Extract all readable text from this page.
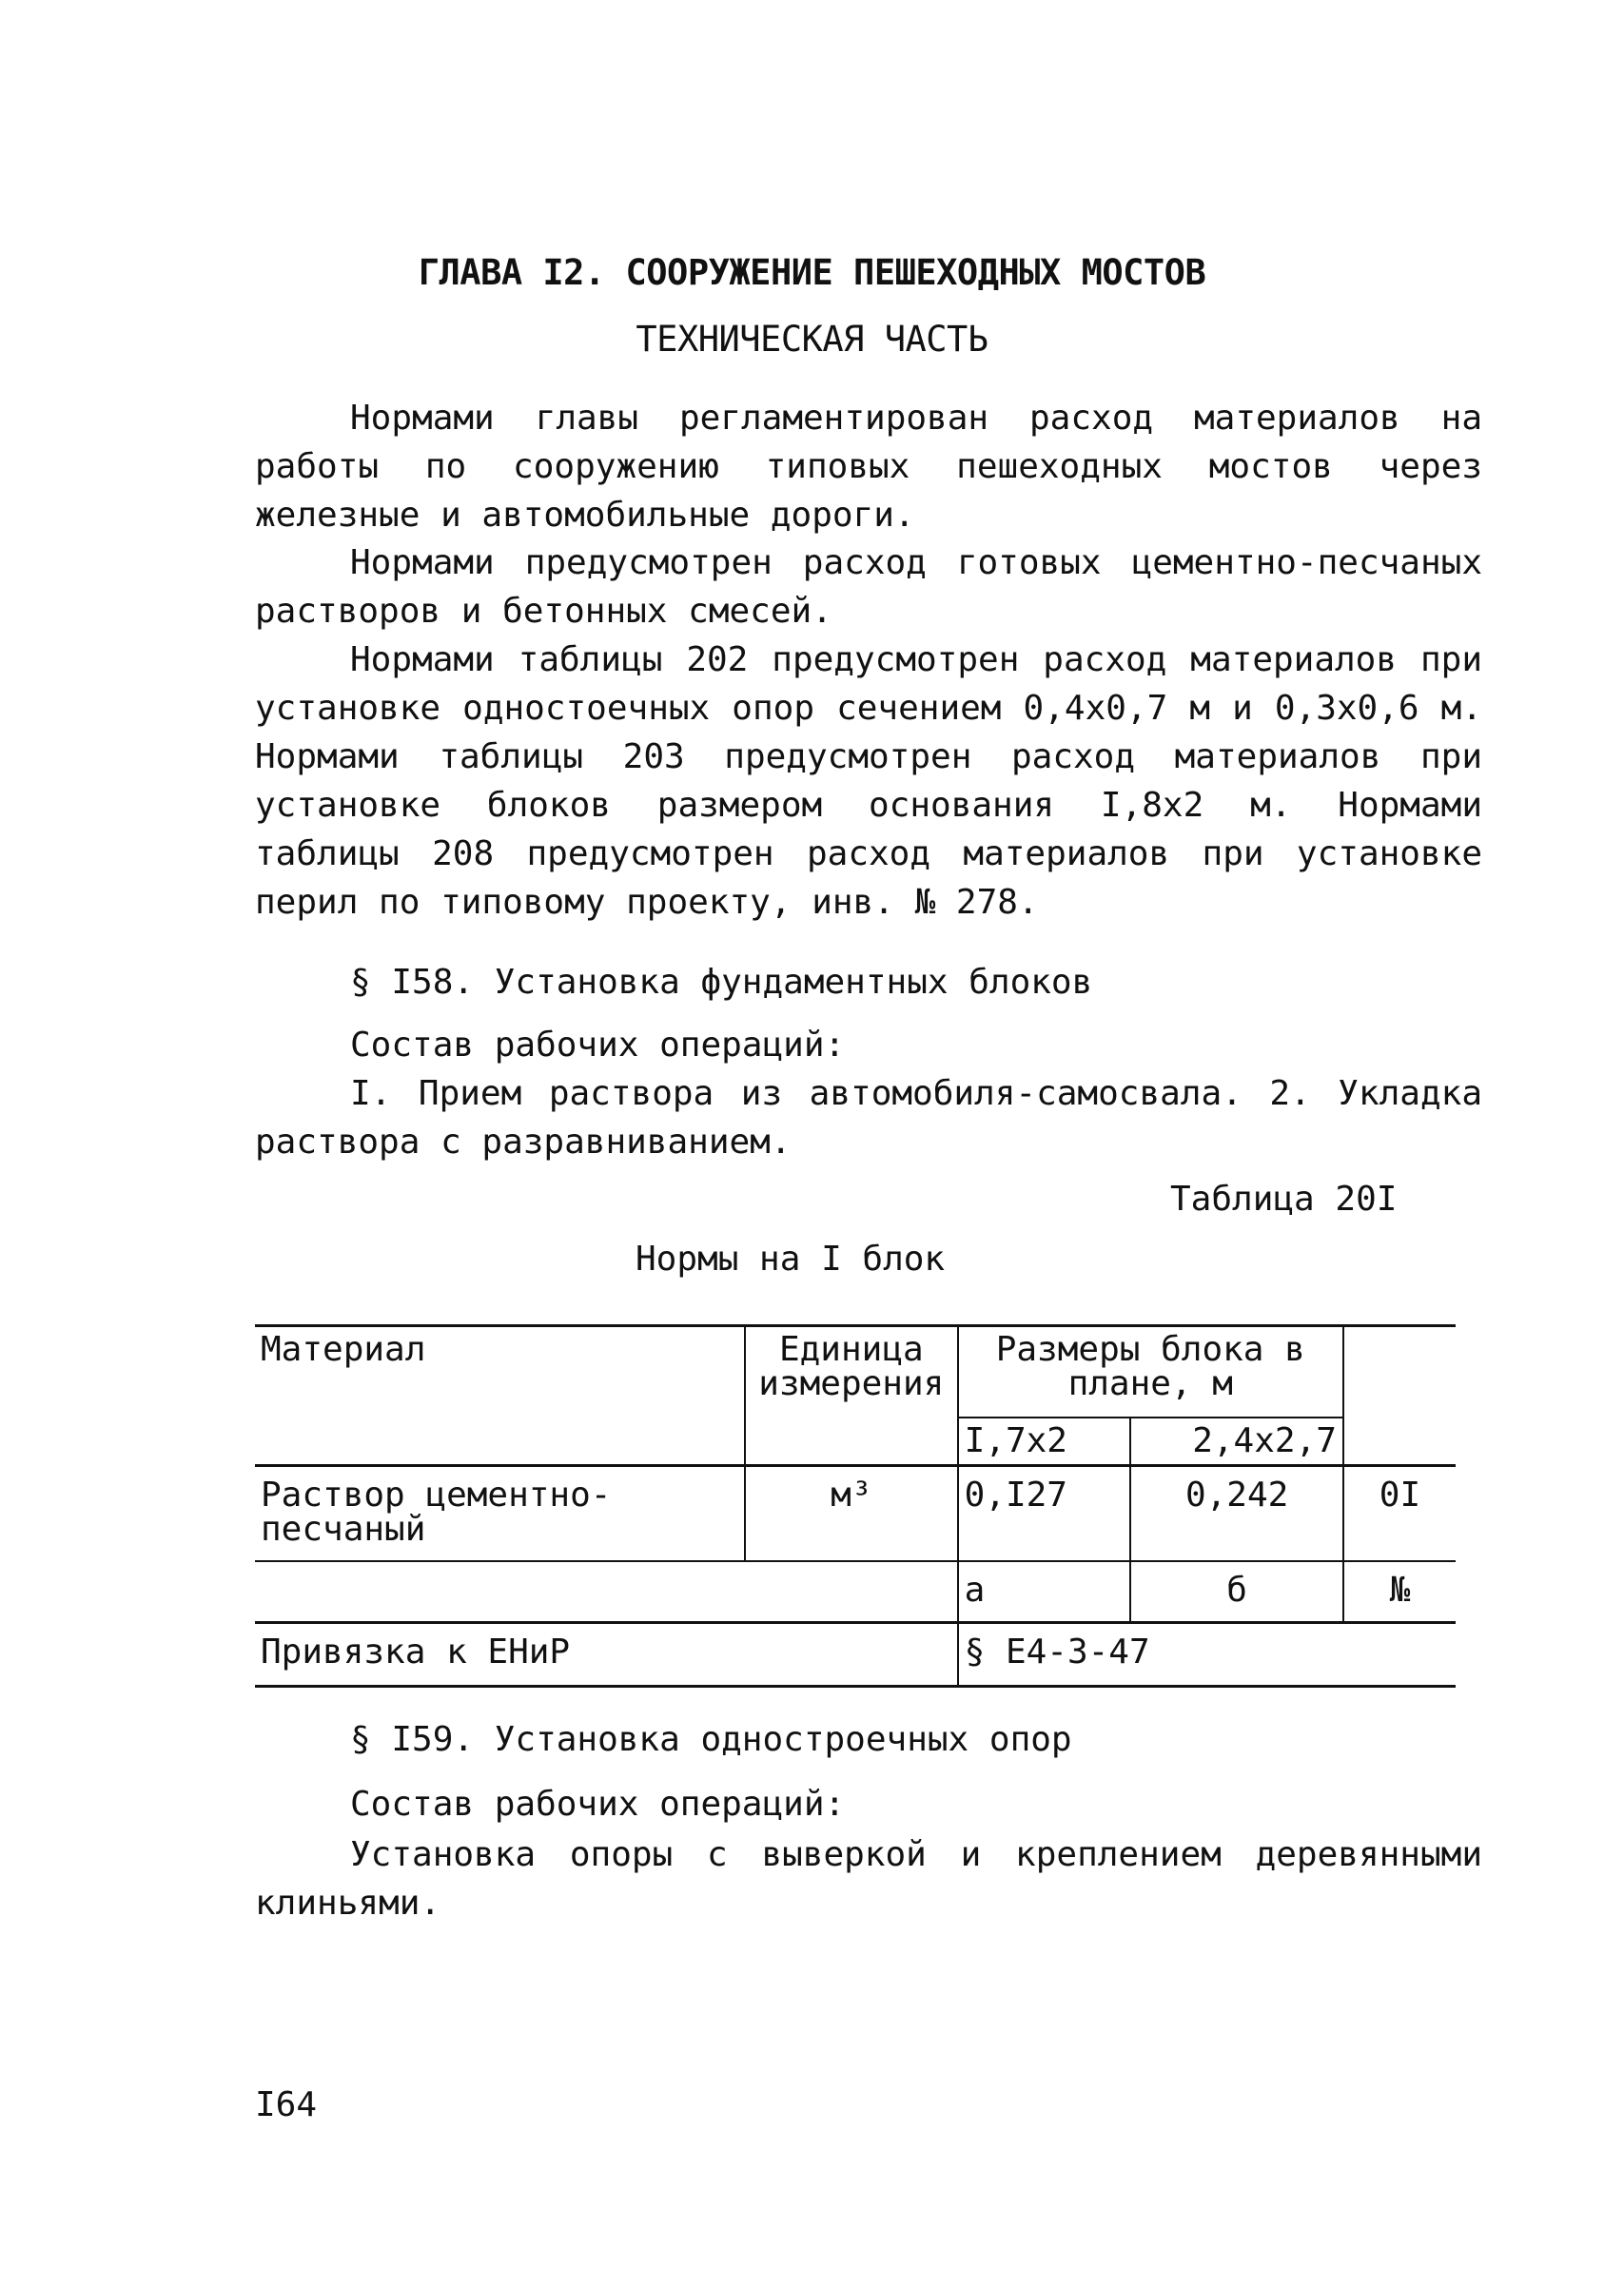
ГЛАВА I2. СООРУЖЕНИЕ ПЕШЕХОДНЫХ МОСТОВ
ТЕХНИЧЕСКАЯ ЧАСТЬ
Нормами главы регламентирован расход материалов на работы по сооружению типовых пешеходных мостов через железные и автомобильные дороги.
Нормами предусмотрен расход готовых цементно-песчаных растворов и бетонных смесей.
Нормами таблицы 202 предусмотрен расход материалов при установке одностоечных опор сечением 0,4х0,7 м и 0,3х0,6 м. Нормами таблицы 203 предусмотрен расход материалов при установке блоков размером основания I,8х2 м. Нормами таблицы 208 предусмотрен расход материалов при установке перил по типовому проекту, инв. № 278.
§ I58. Установка фундаментных блоков
Состав рабочих операций:
I. Прием раствора из автомобиля-самосвала. 2. Укладка раствора с разравниванием.
Таблица 20I
Нормы на I блок
Материал	Единица измерения	Размеры блока в плане, м		
		I,7х2	2,4х2,7	
Раствор цементно-песчаный	м³	0,I27	0,242	0I
		а	б	№
Привязка к ЕНиР		§ Е4-3-47		
§ I59. Установка одностроечных опор
Состав рабочих операций:
Установка опоры с выверкой и креплением деревянными клиньями.
I64
